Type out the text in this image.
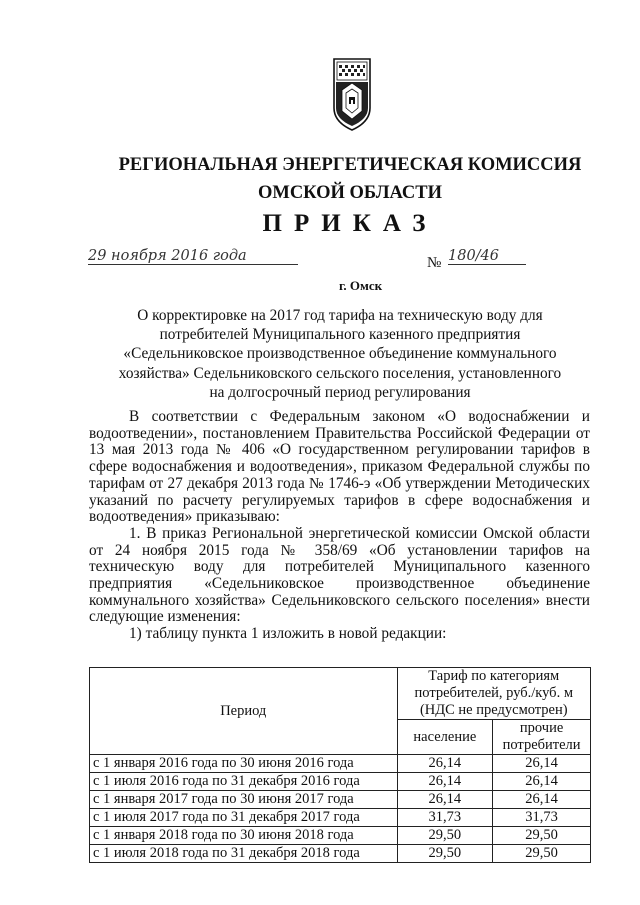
РЕГИОНАЛЬНАЯ ЭНЕРГЕТИЧЕСКАЯ КОМИССИЯ
ОМСКОЙ ОБЛАСТИ
ПРИКАЗ
29 ноября 2016 года	№ 180/46
г. Омск
О корректировке на 2017 год тарифа на техническую воду для
потребителей Муниципального казенного предприятия
«Седельниковское производственное объединение коммунального
хозяйства» Седельниковского сельского поселения, установленного
на долгосрочный период регулирования

В соответствии с Федеральным законом «О водоснабжении и водоотведении», постановлением Правительства Российской Федерации от 13 мая 2013 года № 406 «О государственном регулировании тарифов в сфере водоснабжения и водоотведения», приказом Федеральной службы по тарифам от 27 декабря 2013 года № 1746-э «Об утверждении Методических указаний по расчету регулируемых тарифов в сфере водоснабжения и водоотведения» приказываю:

1. В приказ Региональной энергетической комиссии Омской области от 24 ноября 2015 года № 358/69 «Об установлении тарифов на техническую воду для потребителей Муниципального казенного предприятия «Седельниковское производственное объединение коммунального хозяйства» Седельниковского сельского поселения» внести следующие изменения:

1) таблицу пункта 1 изложить в новой редакции:

Период	Тариф по категориям потребителей, руб./куб. м (НДС не предусмотрен)	
	население	прочие потребители
с 1 января 2016 года по 30 июня 2016 года	26,14	26,14
с 1 июля 2016 года по 31 декабря 2016 года	26,14	26,14
с 1 января 2017 года по 30 июня 2017 года	26,14	26,14
с 1 июля 2017 года по 31 декабря 2017 года	31,73	31,73
с 1 января 2018 года по 30 июня 2018 года	29,50	29,50
с 1 июля 2018 года по 31 декабря 2018 года	29,50	29,50
